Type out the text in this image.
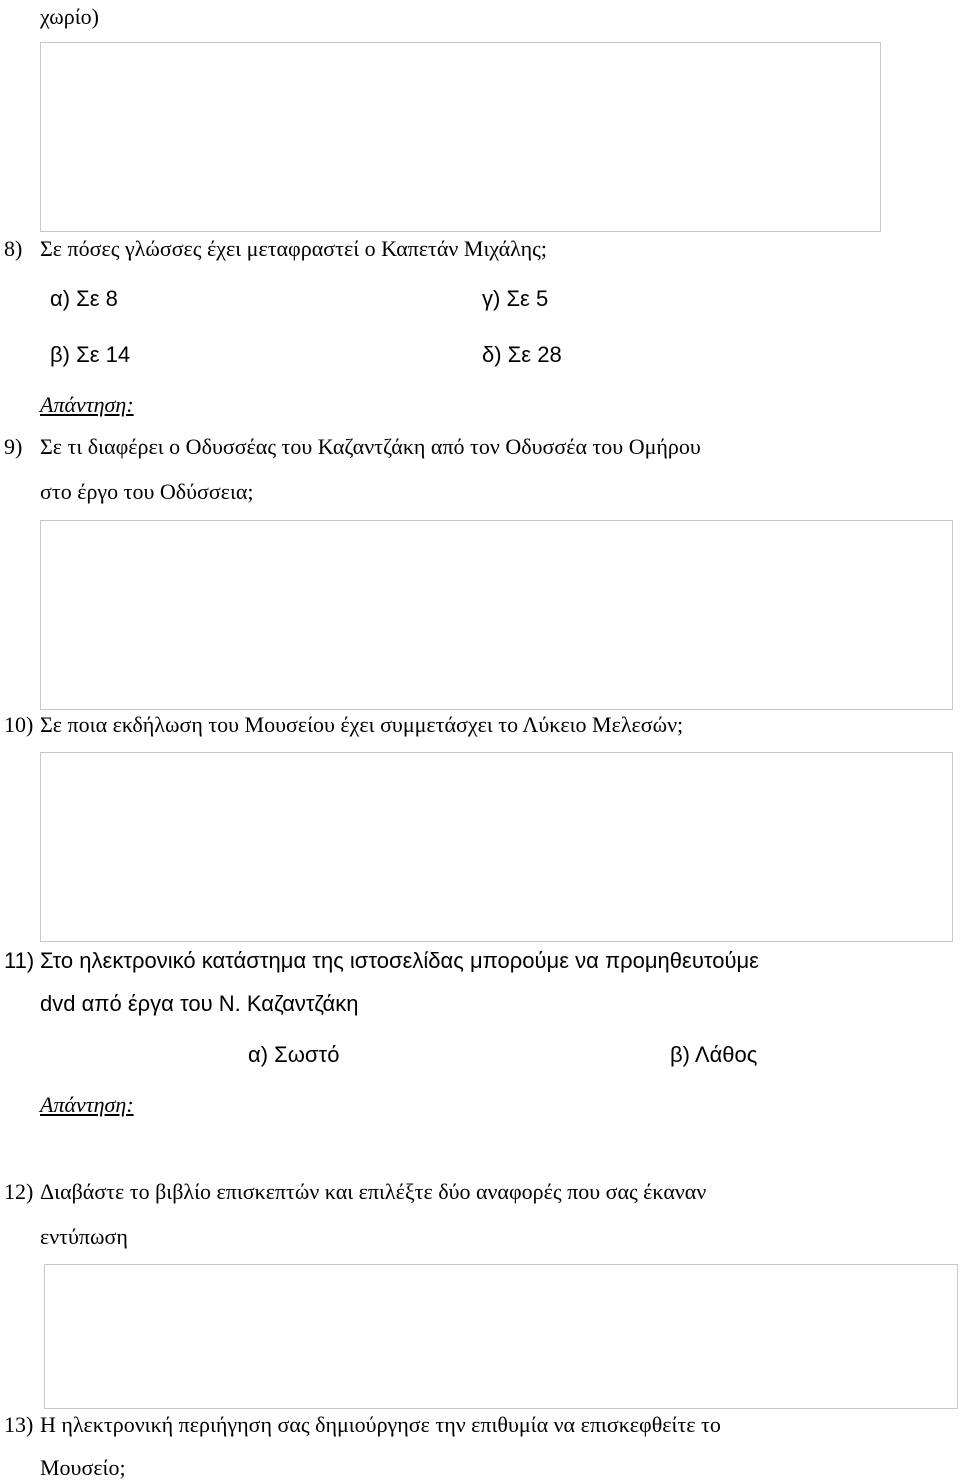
χωρίο)
8) Σε πόσες γλώσσες έχει μεταφραστεί ο Καπετάν Μιχάλης;
α) Σε 8	γ) Σε 5
β) Σε 14	δ) Σε 28
Απάντηση:
9) Σε τι διαφέρει ο Οδυσσέας του Καζαντζάκη από τον Οδυσσέα του Ομήρου
στο έργο του Οδύσσεια;
10) Σε ποια εκδήλωση του Μουσείου έχει συμμετάσχει το Λύκειο Μελεσών;
11) Στο ηλεκτρονικό κατάστημα της ιστοσελίδας μπορούμε να προμηθευτούμε
dvd από έργα του Ν. Καζαντζάκη
α) Σωστό	β) Λάθος
Απάντηση:
12) Διαβάστε το βιβλίο επισκεπτών και επιλέξτε δύο αναφορές που σας έκαναν
εντύπωση
13) Η ηλεκτρονική περιήγηση σας δημιούργησε την επιθυμία να επισκεφθείτε το
Μουσείο;
